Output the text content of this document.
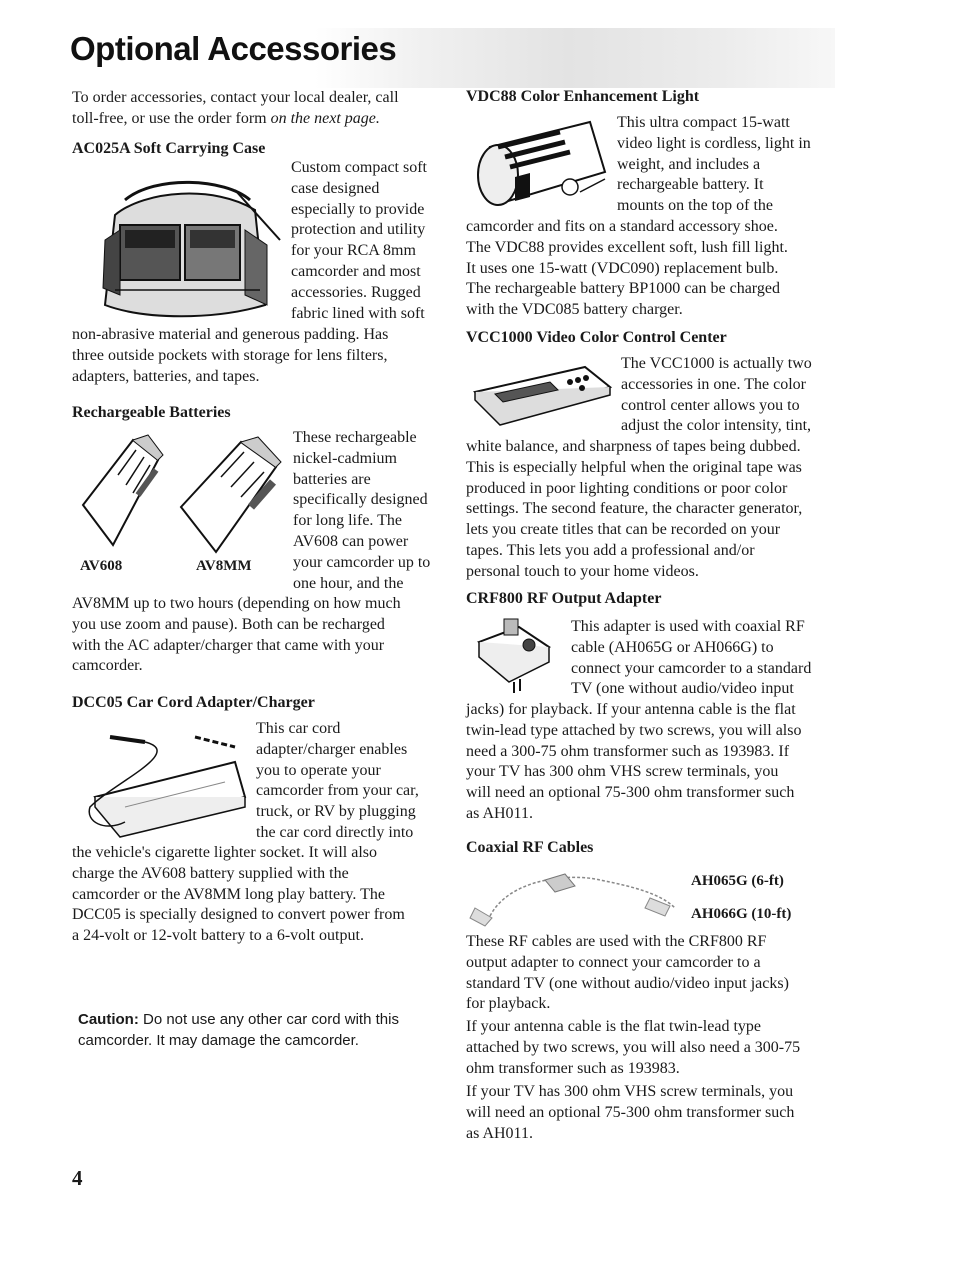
Optional Accessories
To order accessories, contact your local dealer, call
toll-free, or use the order form on the next page.
AC025A Soft Carrying Case
Custom compact soft
case designed
especially to provide
protection and utility
for your RCA 8mm
camcorder and most
accessories. Rugged
fabric lined with soft
non-abrasive material and generous padding. Has
three outside pockets with storage for lens filters,
adapters, batteries, and tapes.
Rechargeable Batteries
AV608	AV8MM
These rechargeable
nickel-cadmium
batteries are
specifically designed
for long life. The
AV608 can power
your camcorder up to
one hour, and the
AV8MM up to two hours (depending on how much
you use zoom and pause). Both can be recharged
with the AC adapter/charger that came with your
camcorder.
DCC05 Car Cord Adapter/Charger
This car cord
adapter/charger enables
you to operate your
camcorder from your car,
truck, or RV by plugging
the car cord directly into
the vehicle's cigarette lighter socket. It will also
charge the AV608 battery supplied with the
camcorder or the AV8MM long play battery. The
DCC05 is specially designed to convert power from
a 24-volt or 12-volt battery to a 6-volt output.
Caution: Do not use any other car cord with this
camcorder. It may damage the camcorder.
4
VDC88 Color Enhancement Light
This ultra compact 15-watt
video light is cordless, light in
weight, and includes a
rechargeable battery. It
mounts on the top of the
camcorder and fits on a standard accessory shoe.
The VDC88 provides excellent soft, lush fill light.
It uses one 15-watt (VDC090) replacement bulb.
The rechargeable battery BP1000 can be charged
with the VDC085 battery charger.
VCC1000 Video Color Control Center
The VCC1000 is actually two
accessories in one. The color
control center allows you to
adjust the color intensity, tint,
white balance, and sharpness of tapes being dubbed.
This is especially helpful when the original tape was
produced in poor lighting conditions or poor color
settings. The second feature, the character generator,
lets you create titles that can be recorded on your
tapes. This lets you add a professional and/or
personal touch to your home videos.
CRF800 RF Output Adapter
This adapter is used with coaxial RF
cable (AH065G or AH066G) to
connect your camcorder to a standard
TV (one without audio/video input
jacks) for playback. If your antenna cable is the flat
twin-lead type attached by two screws, you will also
need a 300-75 ohm transformer such as 193983. If
your TV has 300 ohm VHS screw terminals, you
will need an optional 75-300 ohm transformer such
as AH011.
Coaxial RF Cables
AH065G (6-ft)
AH066G (10-ft)
These RF cables are used with the CRF800 RF
output adapter to connect your camcorder to a
standard TV (one without audio/video input jacks)
for playback.
If your antenna cable is the flat twin-lead type
attached by two screws, you will also need a 300-75
ohm transformer such as 193983.
If your TV has 300 ohm VHS screw terminals, you
will need an optional 75-300 ohm transformer such
as AH011.
